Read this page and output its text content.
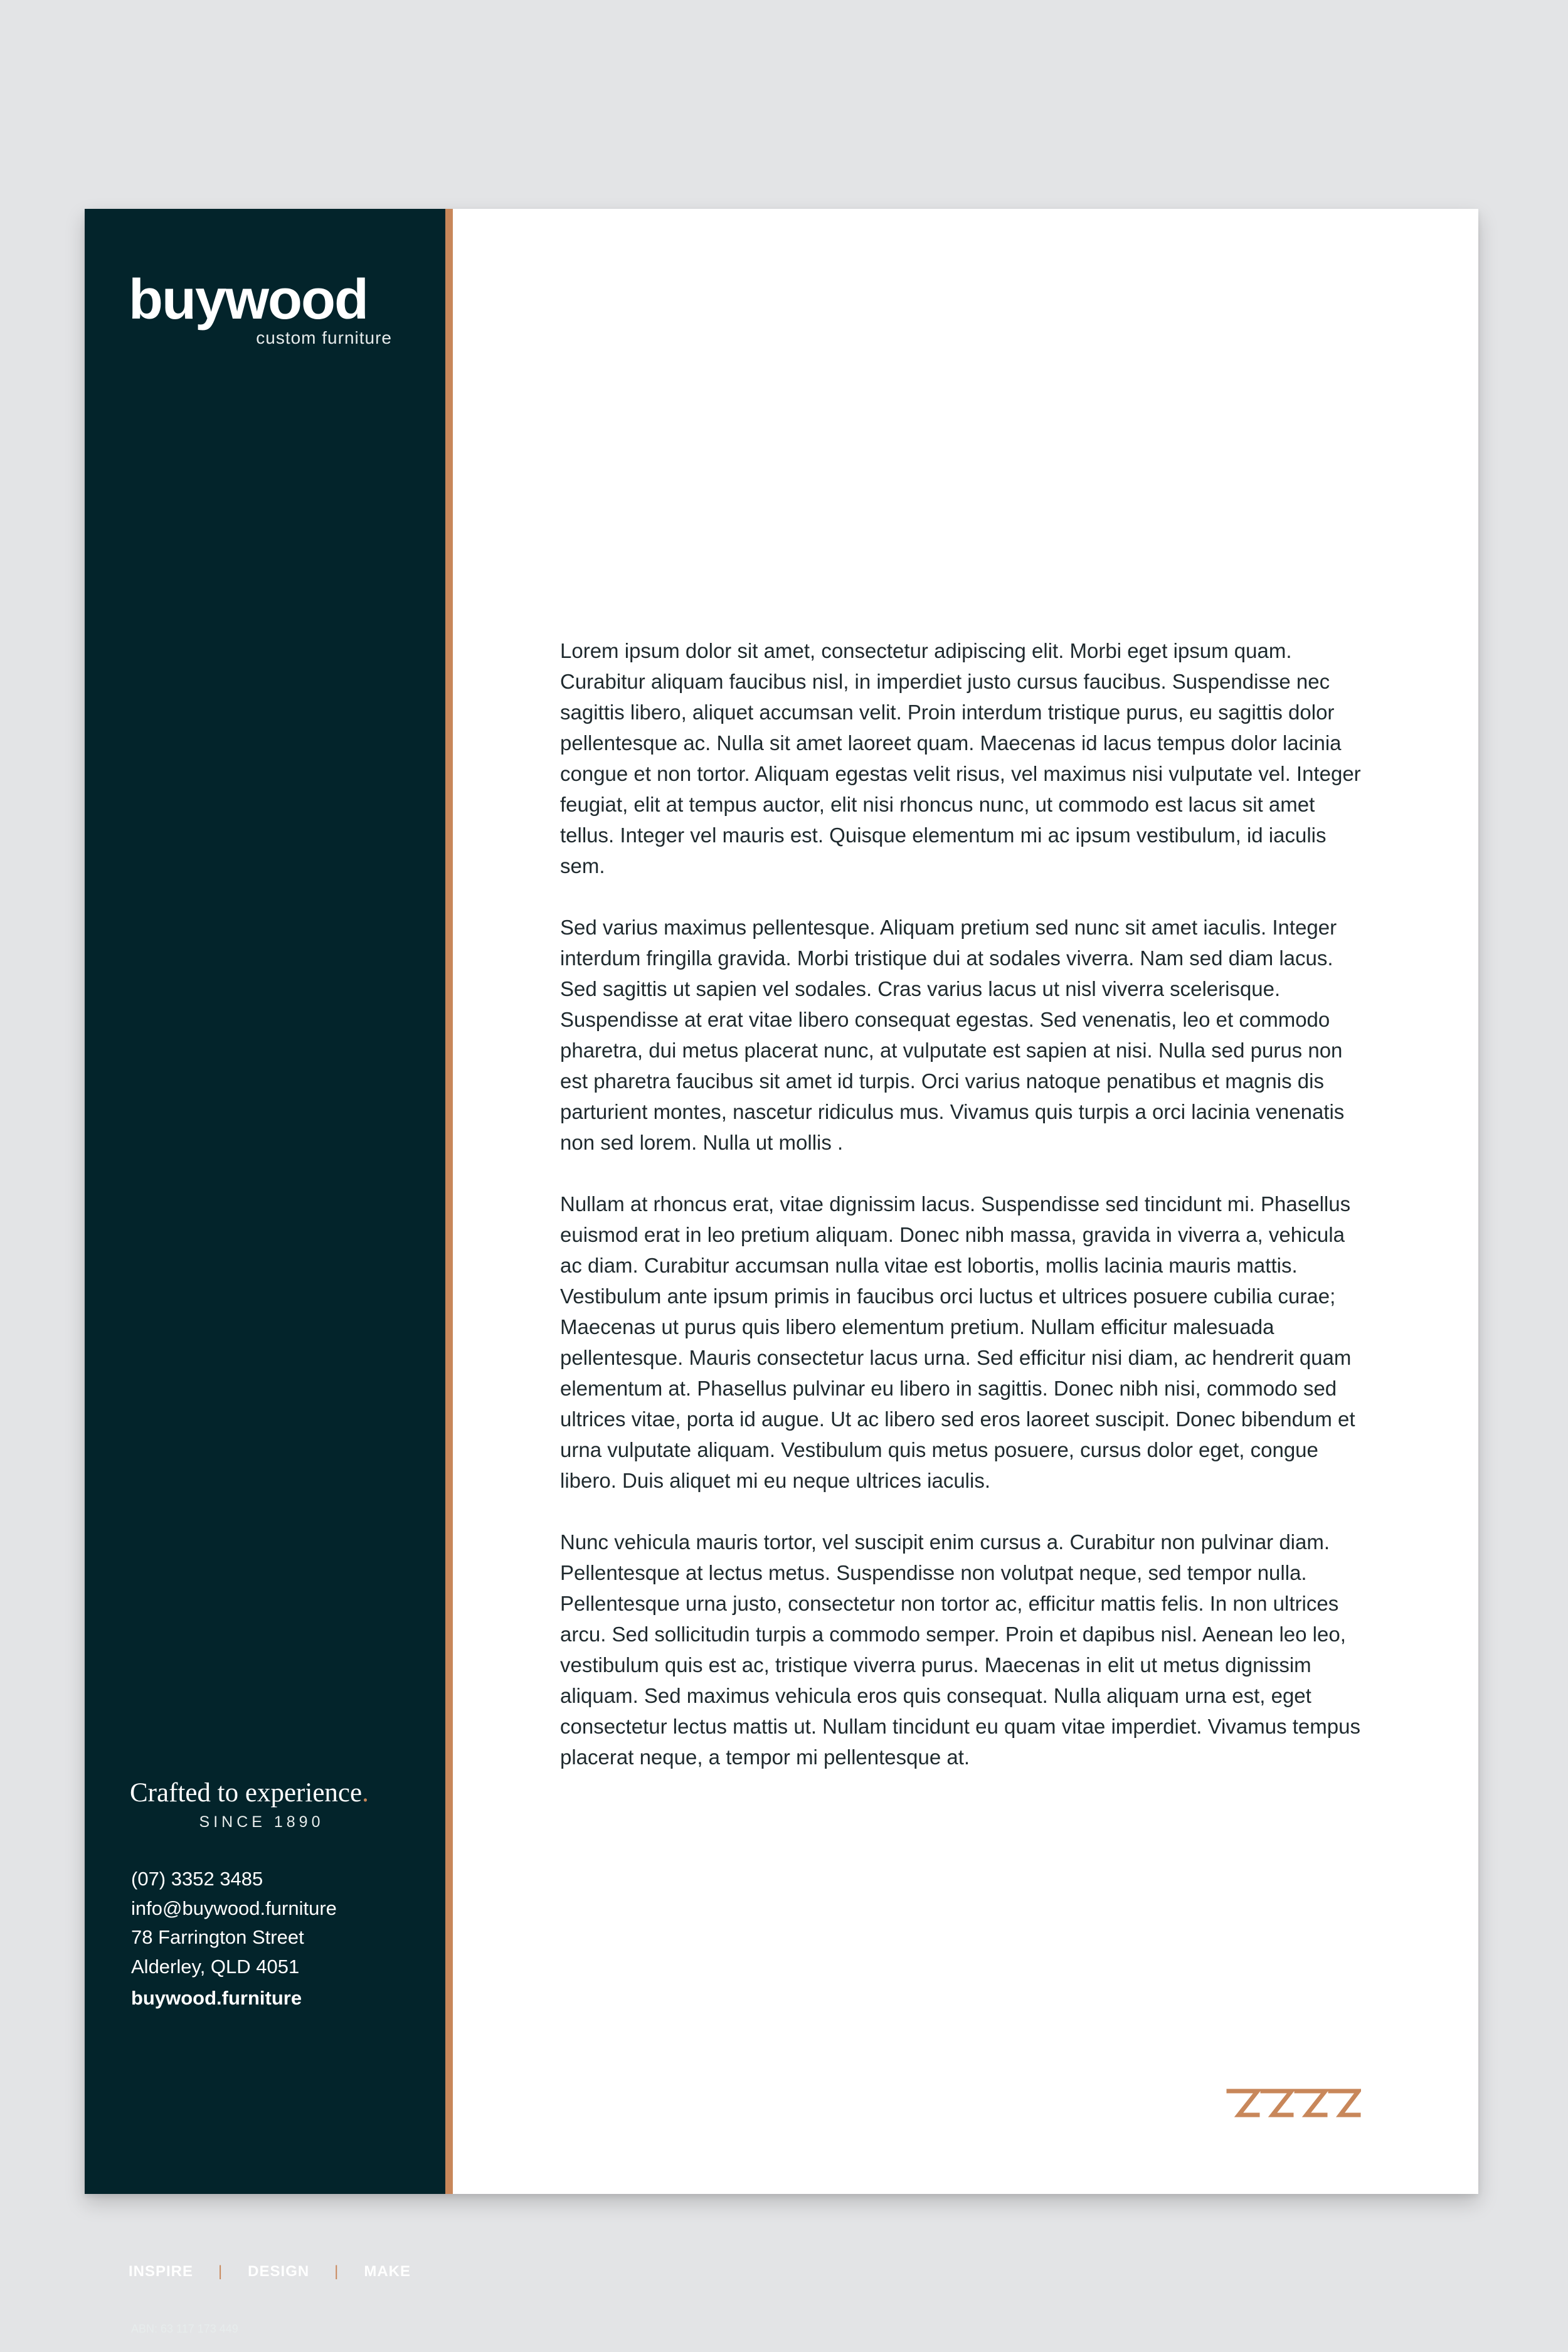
buywood
custom furniture
Crafted to experience.
SINCE 1890
(07) 3352 3485
info@buywood.furniture
78 Farrington Street
Alderley, QLD 4051
buywood.furniture
INSPIRE | DESIGN | MAKE
ABN: 63 117 173 449

Lorem ipsum dolor sit amet, consectetur adipiscing elit. Morbi eget ipsum quam. Curabitur aliquam faucibus nisl, in imperdiet justo cursus faucibus. Suspendisse nec sagittis libero, aliquet accumsan velit. Proin interdum tristique purus, eu sagittis dolor pellentesque ac. Nulla sit amet laoreet quam. Maecenas id lacus tempus dolor lacinia congue et non tortor. Aliquam egestas velit risus, vel maximus nisi vulputate vel. Integer feugiat, elit at tempus auctor, elit nisi rhoncus nunc, ut commodo est lacus sit amet tellus. Integer vel mauris est. Quisque elementum mi ac ipsum vestibulum, id iaculis sem.

Sed varius maximus pellentesque. Aliquam pretium sed nunc sit amet iaculis. Integer interdum fringilla gravida. Morbi tristique dui at sodales viverra. Nam sed diam lacus. Sed sagittis ut sapien vel sodales. Cras varius lacus ut nisl viverra scelerisque. Suspendisse at erat vitae libero consequat egestas. Sed venenatis, leo et commodo pharetra, dui metus placerat nunc, at vulputate est sapien at nisi. Nulla sed purus non est pharetra faucibus sit amet id turpis. Orci varius natoque penatibus et magnis dis parturient montes, nascetur ridiculus mus. Vivamus quis turpis a orci lacinia venenatis non sed lorem. Nulla ut mollis .

Nullam at rhoncus erat, vitae dignissim lacus. Suspendisse sed tincidunt mi. Phasellus euismod erat in leo pretium aliquam. Donec nibh massa, gravida in viverra a, vehicula ac diam. Curabitur accumsan nulla vitae est lobortis, mollis lacinia mauris mattis. Vestibulum ante ipsum primis in faucibus orci luctus et ultrices posuere cubilia curae; Maecenas ut purus quis libero elementum pretium. Nullam efficitur malesuada pellentesque. Mauris consectetur lacus urna. Sed efficitur nisi diam, ac hendrerit quam elementum at. Phasellus pulvinar eu libero in sagittis. Donec nibh nisi, commodo sed ultrices vitae, porta id augue. Ut ac libero sed eros laoreet suscipit. Donec bibendum et urna vulputate aliquam. Vestibulum quis metus posuere, cursus dolor eget, congue libero. Duis aliquet mi eu neque ultrices iaculis.

Nunc vehicula mauris tortor, vel suscipit enim cursus a. Curabitur non pulvinar diam. Pellentesque at lectus metus. Suspendisse non volutpat neque, sed tempor nulla. Pellentesque urna justo, consectetur non tortor ac, efficitur mattis felis. In non ultrices arcu. Sed sollicitudin turpis a commodo semper. Proin et dapibus nisl. Aenean leo leo, vestibulum quis est ac, tristique viverra purus. Maecenas in elit ut metus dignissim aliquam. Sed maximus vehicula eros quis consequat. Nulla aliquam urna est, eget consectetur lectus mattis ut. Nullam tincidunt eu quam vitae imperdiet. Vivamus tempus placerat neque, a tempor mi pellentesque at.
